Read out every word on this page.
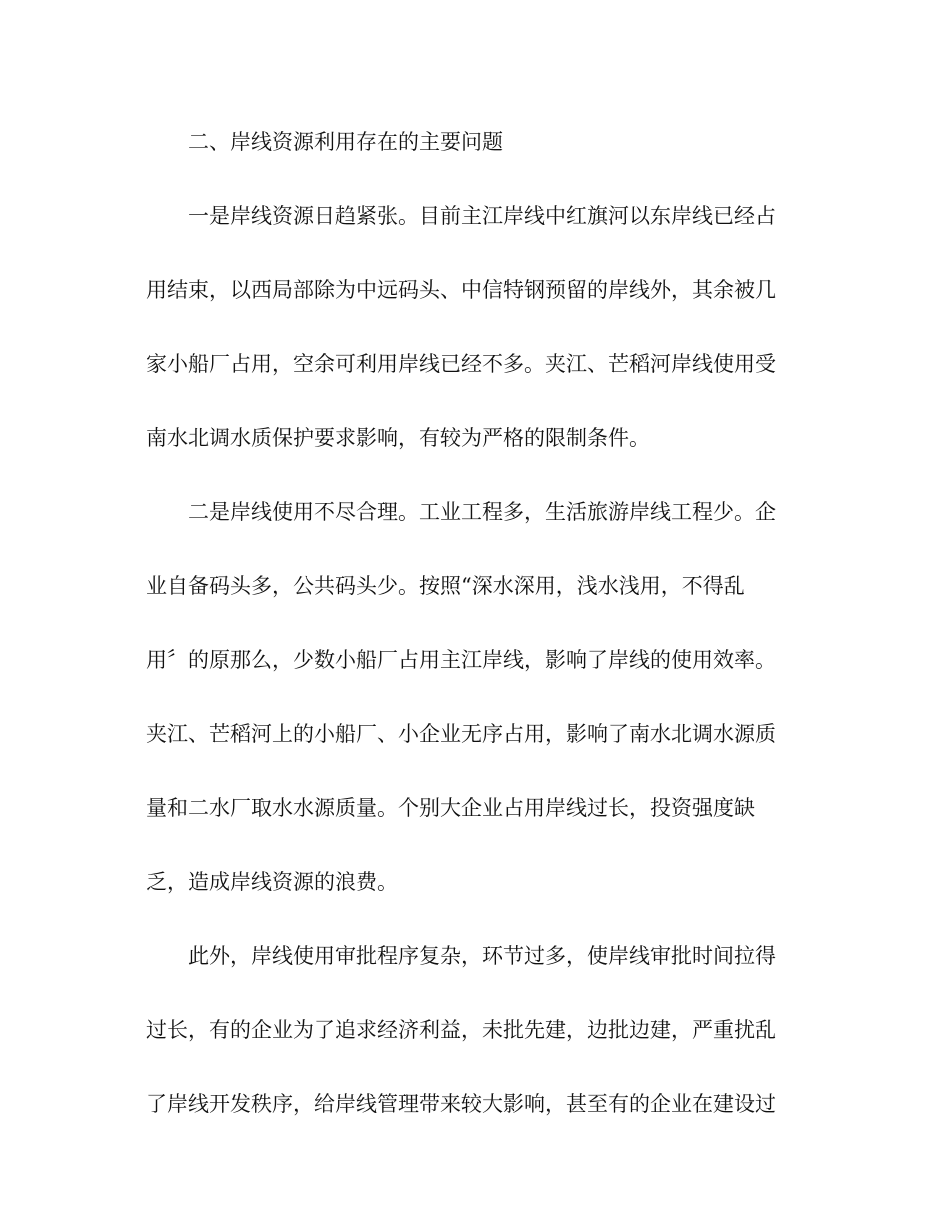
　　二、岸线资源利用存在的主要问题
　　一是岸线资源日趋紧张。目前主江岸线中红旗河以东岸线已经占
用结束，以西局部除为中远码头、中信特钢预留的岸线外，其余被几
家小船厂占用，空余可利用岸线已经不多。夹江、芒稻河岸线使用受
南水北调水质保护要求影响，有较为严格的限制条件。
　　二是岸线使用不尽合理。工业工程多，生活旅游岸线工程少。企
业自备码头多，公共码头少。按照“深水深用，浅水浅用，不得乱
用〞的原那么，少数小船厂占用主江岸线，影响了岸线的使用效率。
夹江、芒稻河上的小船厂、小企业无序占用，影响了南水北调水源质
量和二水厂取水水源质量。个别大企业占用岸线过长，投资强度缺
乏，造成岸线资源的浪费。
　　此外，岸线使用审批程序复杂，环节过多，使岸线审批时间拉得
过长，有的企业为了追求经济利益，未批先建，边批边建，严重扰乱
了岸线开发秩序，给岸线管理带来较大影响，甚至有的企业在建设过
